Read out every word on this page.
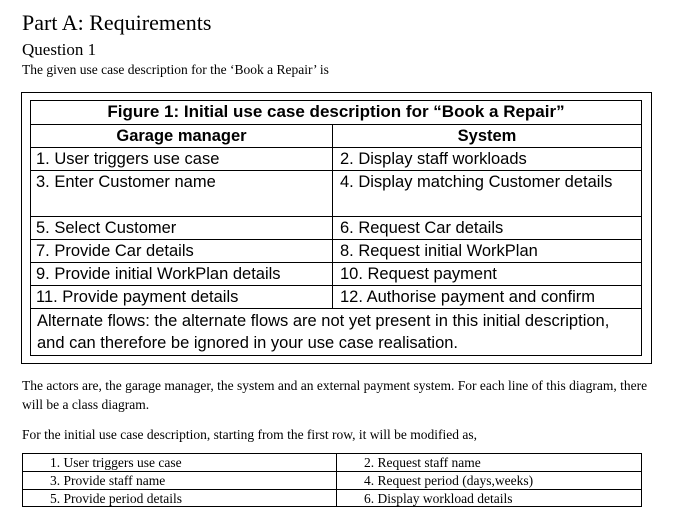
Part A: Requirements
Question 1
The given use case description for the ‘Book a Repair’ is
Figure 1: Initial use case description for “Book a Repair”
Garage manager	System
1. User triggers use case	2. Display staff workloads
3. Enter Customer name	4. Display matching Customer details
5. Select Customer	6. Request Car details
7. Provide Car details	8. Request initial WorkPlan
9. Provide initial WorkPlan details	10. Request payment
11. Provide payment details	12. Authorise payment and confirm
Alternate flows: the alternate flows are not yet present in this initial description, and can therefore be ignored in your use case realisation.
The actors are, the garage manager, the system and an external payment system. For each line of this diagram, there will be a class diagram.
For the initial use case description, starting from the first row, it will be modified as,
1. User triggers use case	2. Request staff name
3. Provide staff name	4. Request period (days,weeks)
5. Provide period details	6. Display workload details
